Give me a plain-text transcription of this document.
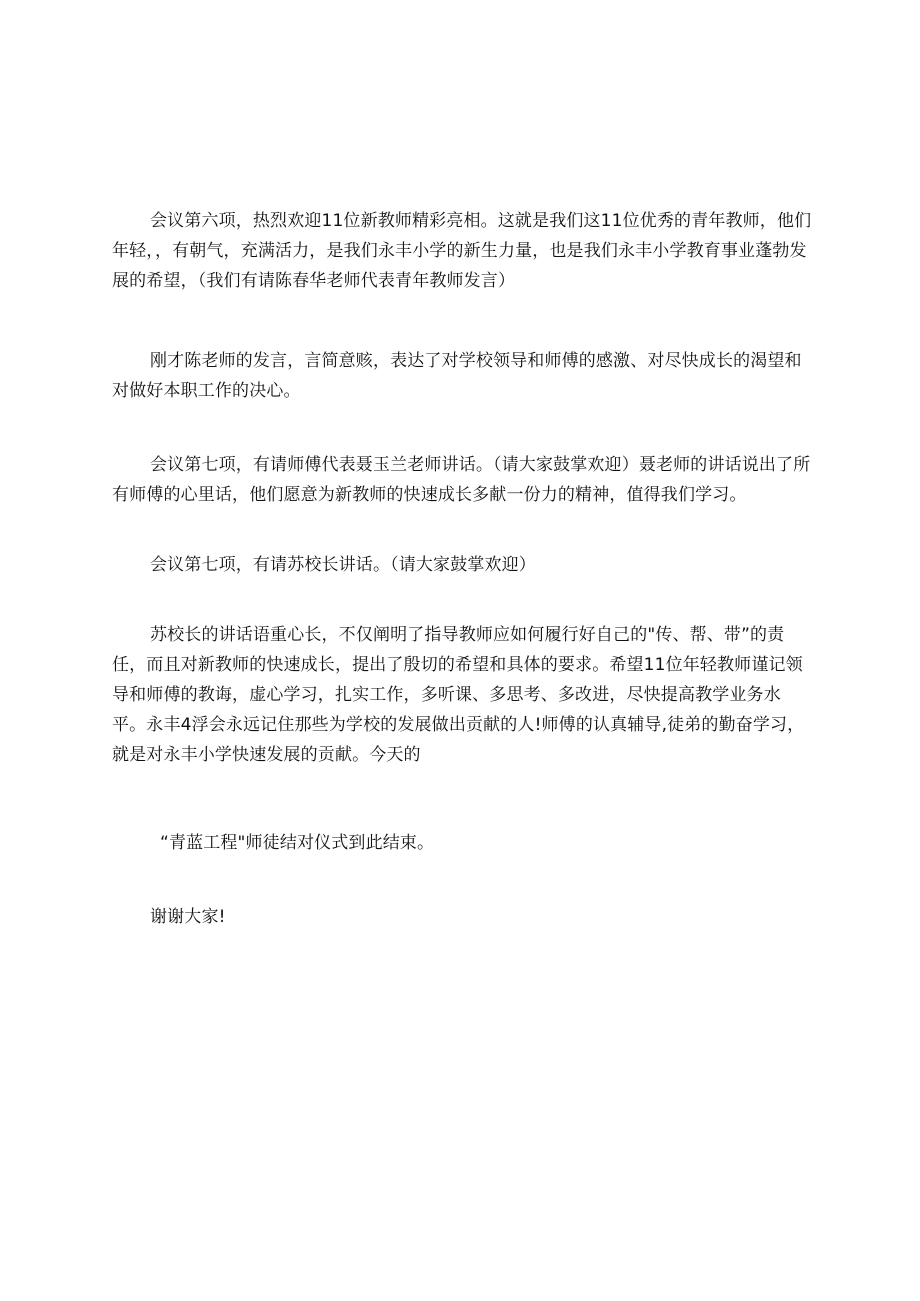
会议第六项，热烈欢迎11位新教师精彩亮相。这就是我们这11位优秀的青年教师，他们年轻，，有朝气，充满活力，是我们永丰小学的新生力量，也是我们永丰小学教育事业蓬勃发展的希望，（我们有请陈春华老师代表青年教师发言）

刚才陈老师的发言，言简意赅，表达了对学校领导和师傅的感激、对尽快成长的渴望和对做好本职工作的决心。

会议第七项，有请师傅代表聂玉兰老师讲话。（请大家鼓掌欢迎）聂老师的讲话说出了所有师傅的心里话，他们愿意为新教师的快速成长多献一份力的精神，值得我们学习。

会议第七项，有请苏校长讲话。（请大家鼓掌欢迎）

苏校长的讲话语重心长，不仅阐明了指导教师应如何履行好自己的"传、帮、带”的责任，而且对新教师的快速成长，提出了殷切的希望和具体的要求。希望11位年轻教师谨记领导和师傅的教诲，虚心学习，扎实工作，多听课、多思考、多改进，尽快提高教学业务水平。永丰4浮会永远记住那些为学校的发展做出贡献的人!师傅的认真辅导,徒弟的勤奋学习，就是对永丰小学快速发展的贡献。今天的

“青蓝工程"师徒结对仪式到此结束。

谢谢大家!
